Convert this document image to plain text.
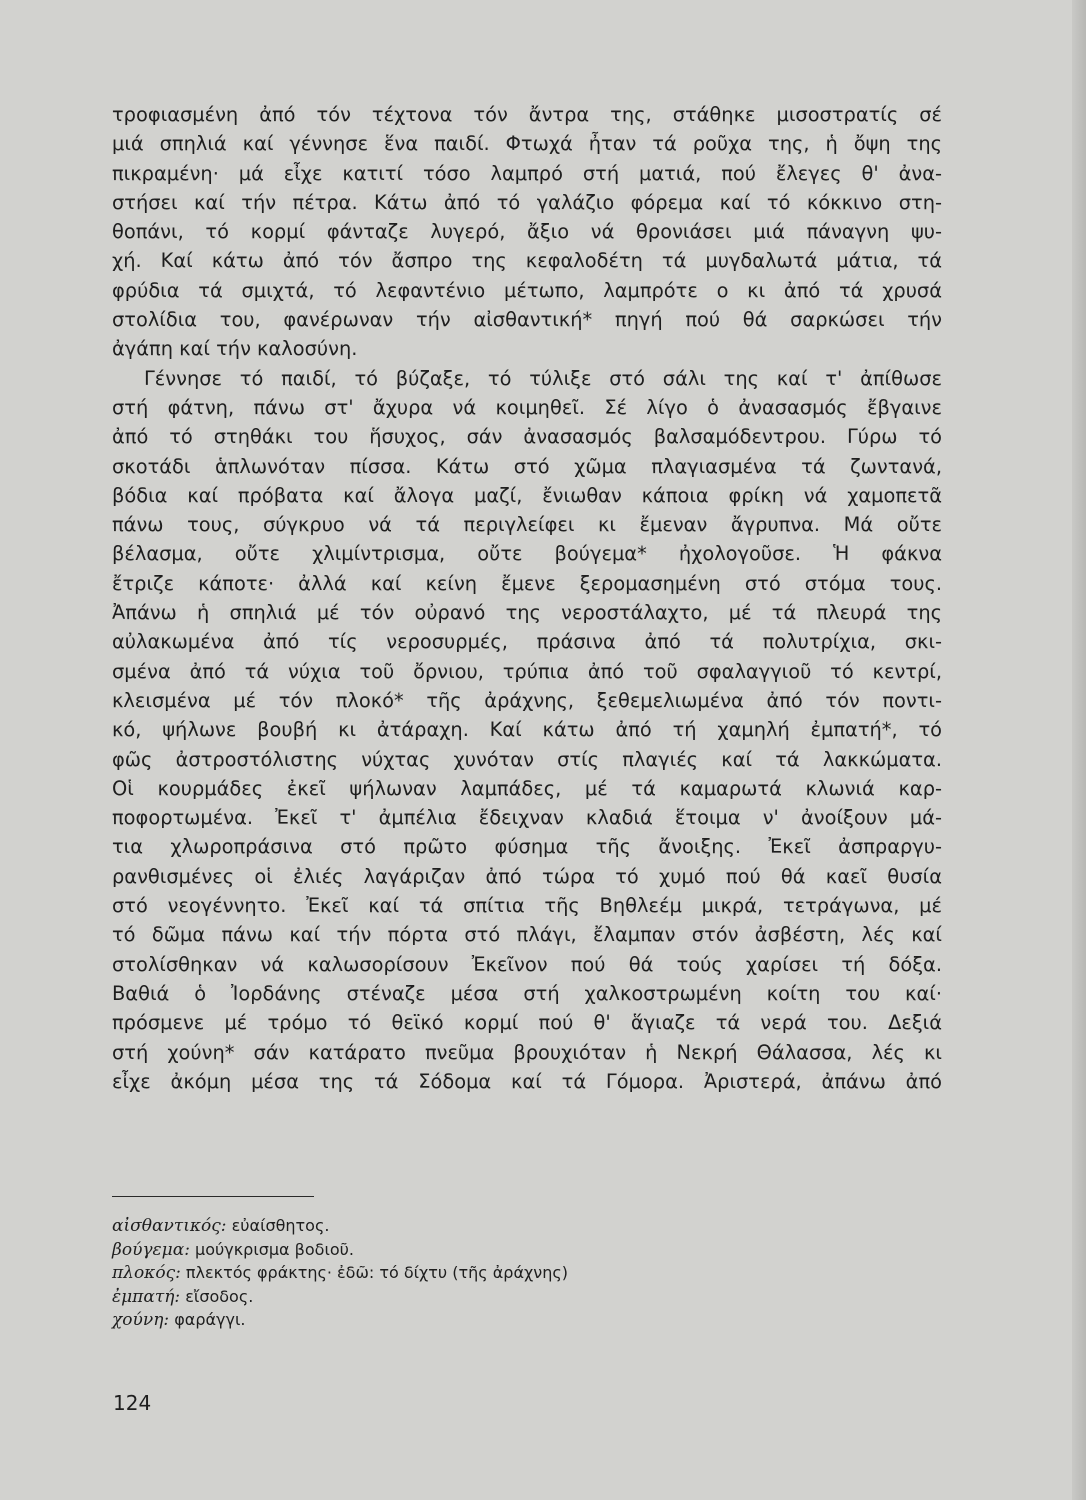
τροφιασμένη ἀπό τόν τέχτονα τόν ἄντρα της, στάθηκε μισοστρατίς σέ
μιά σπηλιά καί γέννησε ἕνα παιδί. Φτωχά ἦταν τά ροῦχα της, ἡ ὄψη της
πικραμένη· μά εἶχε κατιτί τόσο λαμπρό στή ματιά, πού ἔλεγες θ' ἀνα-
στήσει καί τήν πέτρα. Κάτω ἀπό τό γαλάζιο φόρεμα καί τό κόκκινο στη-
θοπάνι, τό κορμί φάνταζε λυγερό, ἄξιο νά θρονιάσει μιά πάναγνη ψυ-
χή. Καί κάτω ἀπό τόν ἄσπρο της κεφαλοδέτη τά μυγδαλωτά μάτια, τά
φρύδια τά σμιχτά, τό λεφαντένιο μέτωπο, λαμπρότε ο κι ἀπό τά χρυσά
στολίδια του, φανέρωναν τήν αἰσθαντική* πηγή πού θά σαρκώσει τήν
ἀγάπη καί τήν καλοσύνη.
Γέννησε τό παιδί, τό βύζαξε, τό τύλιξε στό σάλι της καί τ' ἀπίθωσε
στή φάτνη, πάνω στ' ἄχυρα νά κοιμηθεῖ. Σέ λίγο ὁ ἀνασασμός ἔβγαινε
ἀπό τό στηθάκι του ἥσυχος, σάν ἀνασασμός βαλσαμόδεντρου. Γύρω τό
σκοτάδι ἁπλωνόταν πίσσα. Κάτω στό χῶμα πλαγιασμένα τά ζωντανά,
βόδια καί πρόβατα καί ἄλογα μαζί, ἔνιωθαν κάποια φρίκη νά χαμοπετᾶ
πάνω τους, σύγκρυο νά τά περιγλείφει κι ἔμεναν ἄγρυπνα. Μά οὔτε
βέλασμα, οὔτε χλιμίντρισμα, οὔτε βούγεμα* ἠχολογοῦσε. Ἡ φάκνα
ἔτριζε κάποτε· ἀλλά καί κείνη ἔμενε ξερομασημένη στό στόμα τους.
Ἀπάνω ἡ σπηλιά μέ τόν οὐρανό της νεροστάλαχτο, μέ τά πλευρά της
αὐλακωμένα ἀπό τίς νεροσυρμές, πράσινα ἀπό τά πολυτρίχια, σκι-
σμένα ἀπό τά νύχια τοῦ ὄρνιου, τρύπια ἀπό τοῦ σφαλαγγιοῦ τό κεντρί,
κλεισμένα μέ τόν πλοκό* τῆς ἀράχνης, ξεθεμελιωμένα ἀπό τόν ποντι-
κό, ψήλωνε βουβή κι ἀτάραχη. Καί κάτω ἀπό τή χαμηλή ἐμπατή*, τό
φῶς ἀστροστόλιστης νύχτας χυνόταν στίς πλαγιές καί τά λακκώματα.
Οἱ κουρμάδες ἐκεῖ ψήλωναν λαμπάδες, μέ τά καμαρωτά κλωνιά καρ-
ποφορτωμένα. Ἐκεῖ τ' ἀμπέλια ἔδειχναν κλαδιά ἕτοιμα ν' ἀνοίξουν μά-
τια χλωροπράσινα στό πρῶτο φύσημα τῆς ἄνοιξης. Ἐκεῖ ἀσπραργυ-
ρανθισμένες οἱ ἐλιές λαγάριζαν ἀπό τώρα τό χυμό πού θά καεῖ θυσία
στό νεογέννητο. Ἐκεῖ καί τά σπίτια τῆς Βηθλεέμ μικρά, τετράγωνα, μέ
τό δῶμα πάνω καί τήν πόρτα στό πλάγι, ἔλαμπαν στόν ἀσβέστη, λές καί
στολίσθηκαν νά καλωσορίσουν Ἐκεῖνον πού θά τούς χαρίσει τή δόξα.
Βαθιά ὁ Ἰορδάνης στέναζε μέσα στή χαλκοστρωμένη κοίτη του καί·
πρόσμενε μέ τρόμο τό θεϊκό κορμί πού θ' ἅγιαζε τά νερά του. Δεξιά
στή χούνη* σάν κατάρατο πνεῦμα βρουχιόταν ἡ Νεκρή Θάλασσα, λές κι
εἶχε ἀκόμη μέσα της τά Σόδομα καί τά Γόμορα. Ἀριστερά, ἀπάνω ἀπό
αἰσθαντικός: εὐαίσθητος.
βούγεμα: μούγκρισμα βοδιοῦ.
πλοκός: πλεκτός φράκτης· ἐδῶ: τό δίχτυ (τῆς ἀράχνης)
ἐμπατή: εἴσοδος.
χούνη: φαράγγι.
124
